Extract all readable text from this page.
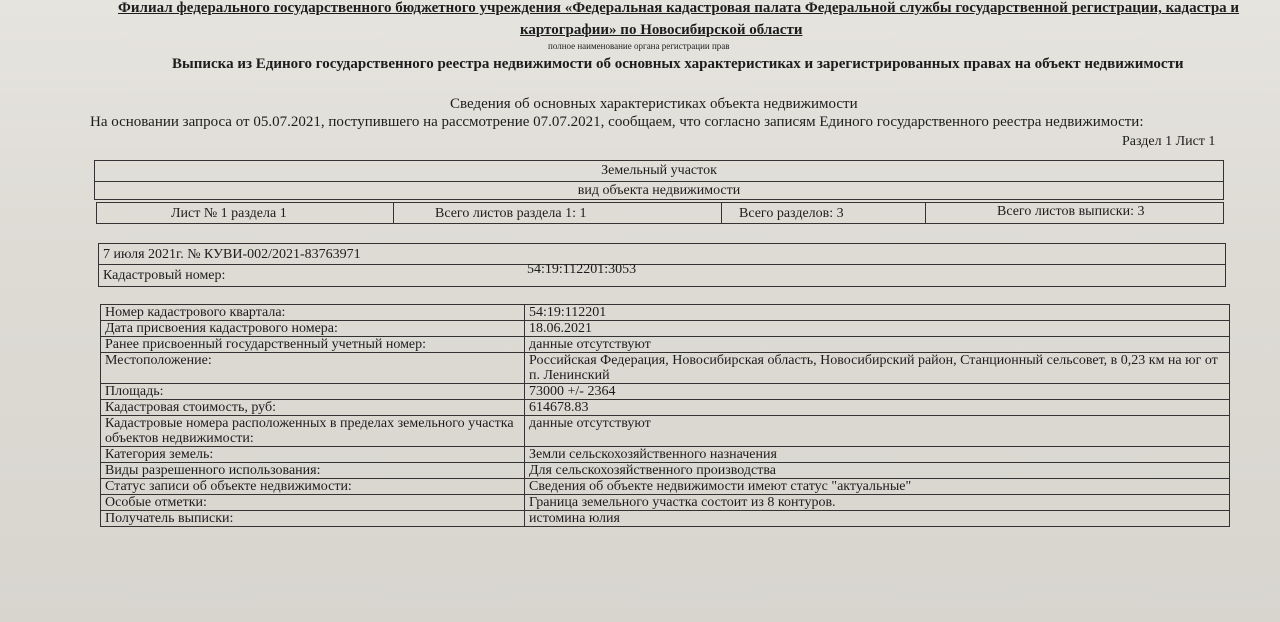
Филиал федерального государственного бюджетного учреждения «Федеральная кадастровая палата Федеральной службы государственной регистрации, кадастра и
картографии» по Новосибирской области
полное наименование органа регистрации прав
Выписка из Единого государственного реестра недвижимости об основных характеристиках и зарегистрированных правах на объект недвижимости
Сведения об основных характеристиках объекта недвижимости
На основании запроса от 05.07.2021, поступившего на рассмотрение 07.07.2021, сообщаем, что согласно записям Единого государственного реестра недвижимости:
Раздел 1 Лист 1
Земельный участок
вид объекта недвижимости
Лист № 1 раздела 1	Всего листов раздела 1: 1	Всего разделов: 3	Всего листов выписки: 3
7 июля 2021г. № КУВИ-002/2021-83763971
Кадастровый номер:	54:19:112201:3053
Номер кадастрового квартала:	54:19:112201
Дата присвоения кадастрового номера:	18.06.2021
Ранее присвоенный государственный учетный номер:	данные отсутствуют
Местоположение:	Российская Федерация, Новосибирская область, Новосибирский район, Станционный сельсовет, в 0,23 км на юг от п. Ленинский
Площадь:	73000 +/- 2364
Кадастровая стоимость, руб:	614678.83
Кадастровые номера расположенных в пределах земельного участка объектов недвижимости:	данные отсутствуют
Категория земель:	Земли сельскохозяйственного назначения
Виды разрешенного использования:	Для сельскохозяйственного производства
Статус записи об объекте недвижимости:	Сведения об объекте недвижимости имеют статус "актуальные"
Особые отметки:	Граница земельного участка состоит из 8 контуров.
Получатель выписки:	истомина юлия
